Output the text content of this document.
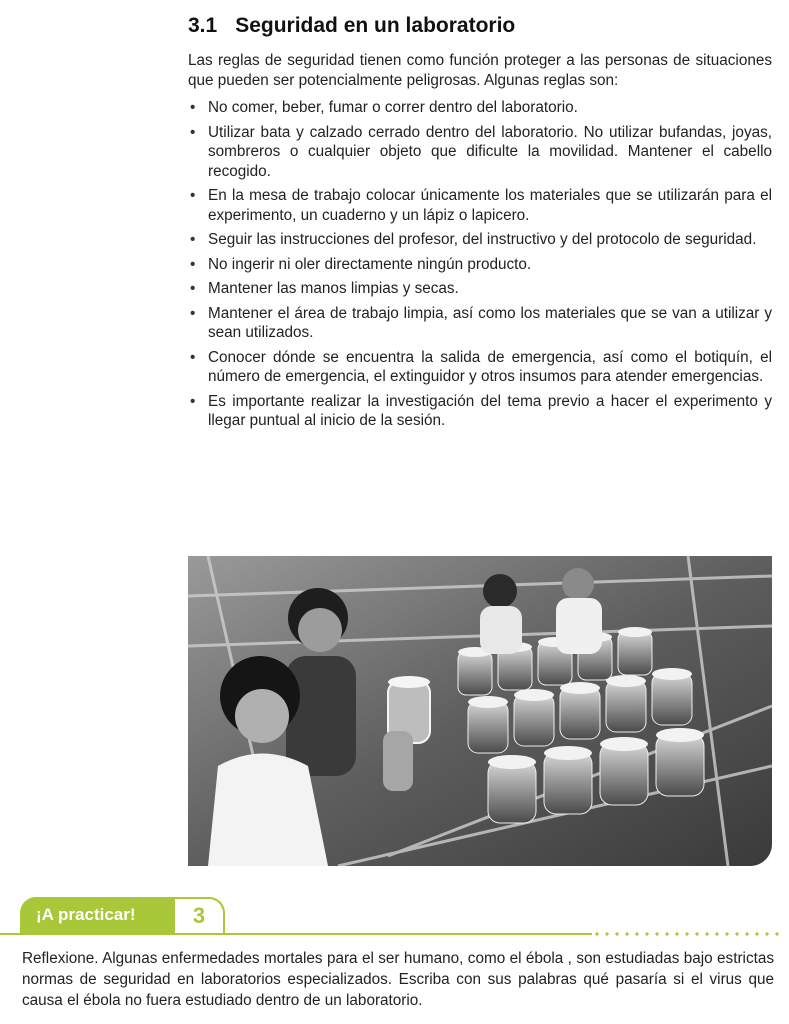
3.1 Seguridad en un laboratorio

Las reglas de seguridad tienen como función proteger a las personas de situaciones que pueden ser potencialmente peligrosas. Algunas reglas son:

• No comer, beber, fumar o correr dentro del laboratorio.
• Utilizar bata y calzado cerrado dentro del laboratorio. No utilizar bufandas, joyas, sombreros o cualquier objeto que dificulte la movilidad. Mantener el cabello recogido.
• En la mesa de trabajo colocar únicamente los materiales que se utilizarán para el experimento, un cuaderno y un lápiz o lapicero.
• Seguir las instrucciones del profesor, del instructivo y del protocolo de seguridad.
• No ingerir ni oler directamente ningún producto.
• Mantener las manos limpias y secas.
• Mantener el área de trabajo limpia, así como los materiales que se van a utilizar y sean utilizados.
• Conocer dónde se encuentra la salida de emergencia, así como el botiquín, el número de emergencia, el extinguidor y otros insumos para atender emergencias.
• Es importante realizar la investigación del tema previo a hacer el experimento y llegar puntual al inicio de la sesión.
¡A practicar!	3

Reflexione. Algunas enfermedades mortales para el ser humano, como el ébola , son estudiadas bajo estrictas normas de seguridad en laboratorios especializados. Escriba con sus palabras qué pasaría si el virus que causa el ébola no fuera estudiado dentro de un laboratorio.
